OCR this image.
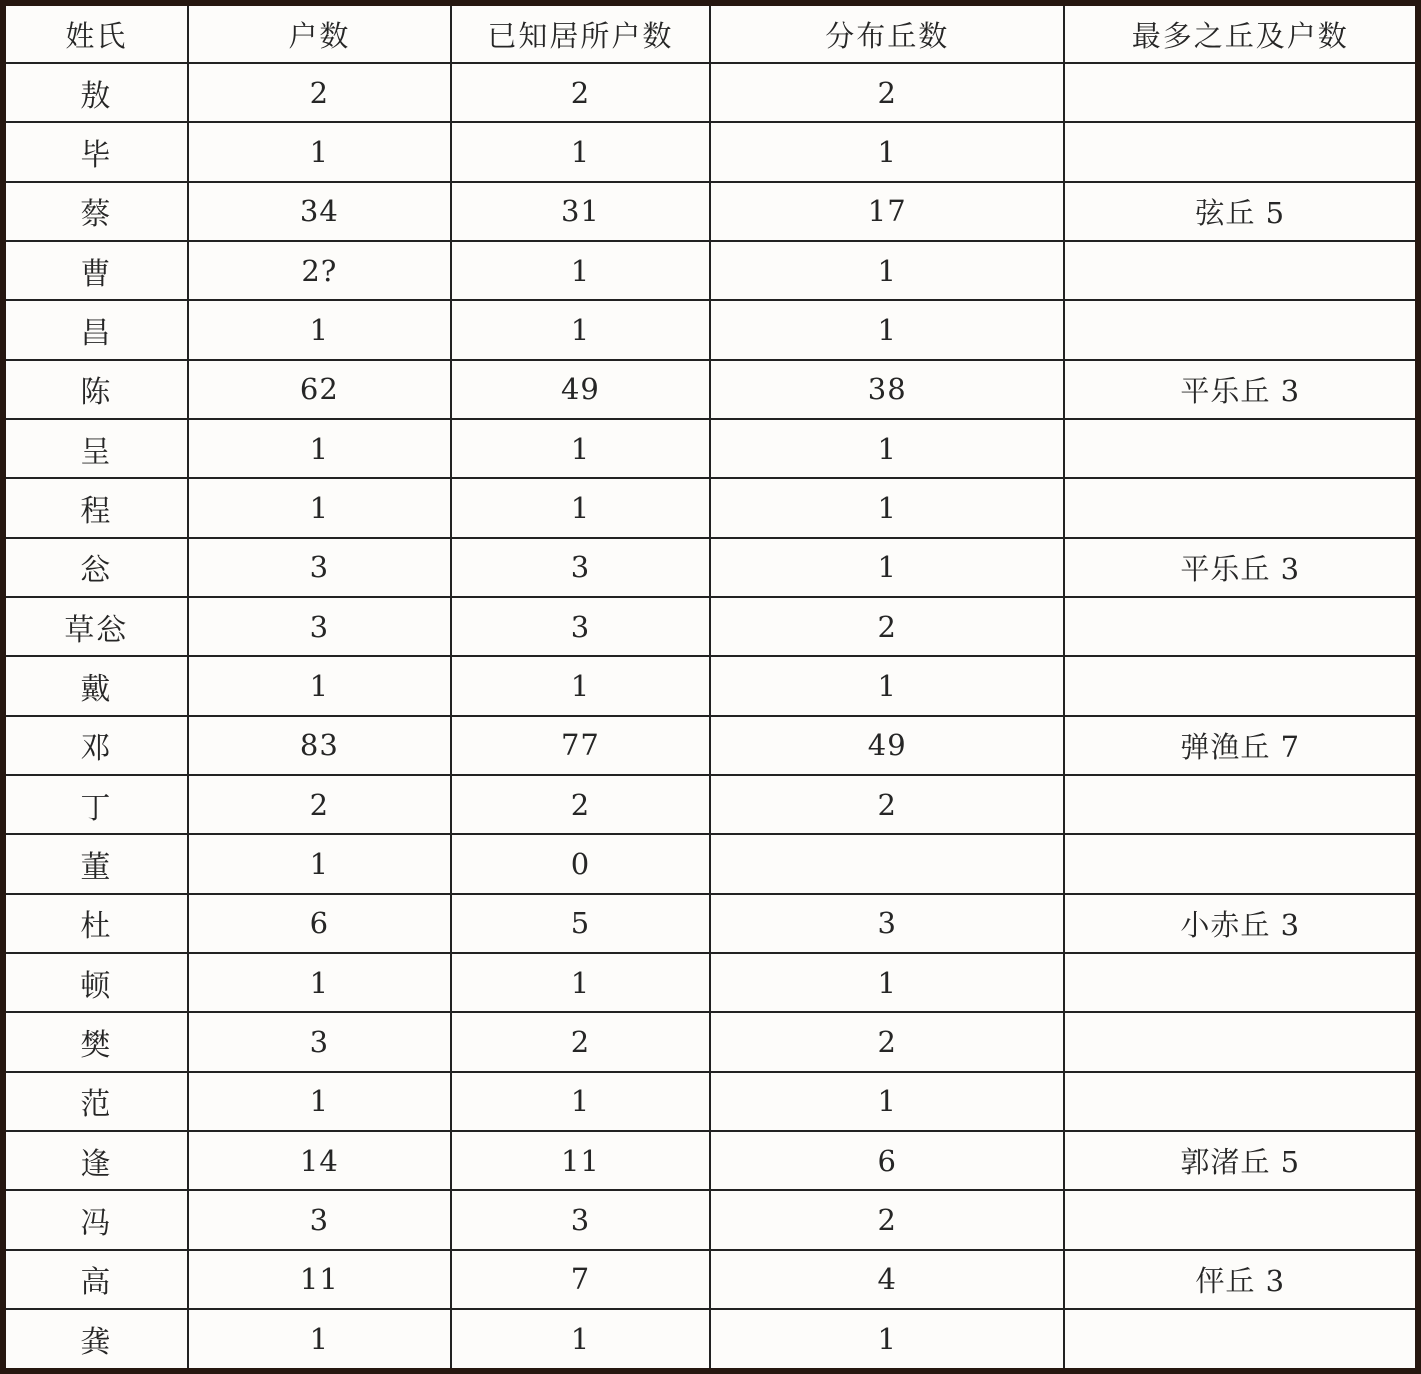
姓氏	户数	已知居所户数	分布丘数	最多之丘及户数
敖	2	2	2	
毕	1	1	1	
蔡	34	31	17	弦丘 5
曹	2?	1	1	
昌	1	1	1	
陈	62	49	38	平乐丘 3
呈	1	1	1	
程	1	1	1	
忩	3	3	1	平乐丘 3
草忩	3	3	2	
戴	1	1	1	
邓	83	77	49	弹渔丘 7
丁	2	2	2	
董	1	0		
杜	6	5	3	小赤丘 3
顿	1	1	1	
樊	3	2	2	
范	1	1	1	
逢	14	11	6	郭渚丘 5
冯	3	3	2	
高	11	7	4	伻丘 3
龚	1	1	1	
